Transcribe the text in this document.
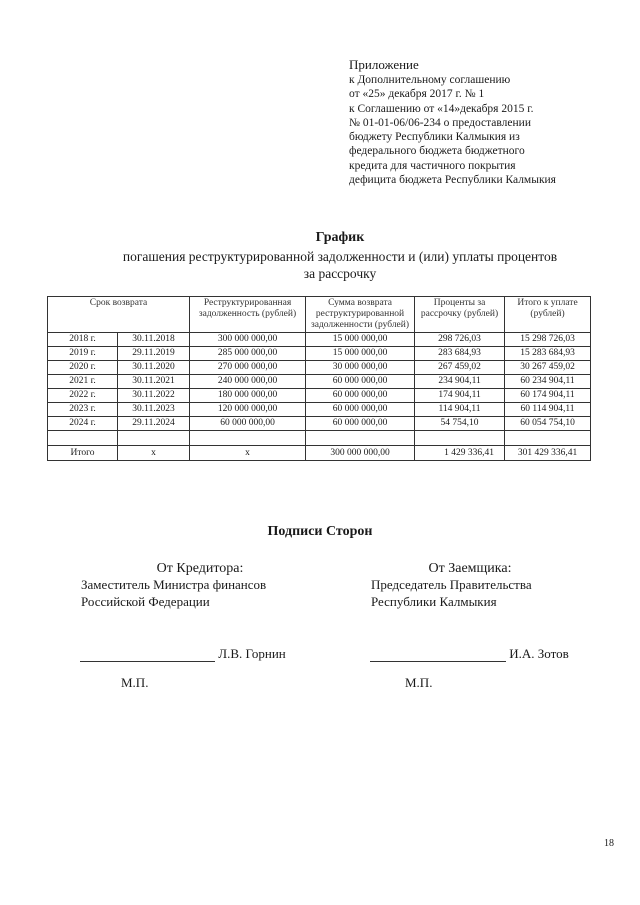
Приложение
к Дополнительному соглашению
от «25» декабря 2017 г. № 1
к Соглашению от «14»декабря 2015 г.
№ 01-01-06/06-234 о предоставлении
бюджету Республики Калмыкия из
федерального бюджета бюджетного
кредита для частичного покрытия
дефицита бюджета Республики Калмыкия
График
погашения реструктурированной задолженности и (или) уплаты процентов
за рассрочку
Срок возврата		Реструктурированная задолженность (рублей)	Сумма возврата реструктурированной задолженности (рублей)	Проценты за рассрочку (рублей)	Итого к уплате (рублей)
2018 г.	30.11.2018	300 000 000,00	15 000 000,00	298 726,03	15 298 726,03
2019 г.	29.11.2019	285 000 000,00	15 000 000,00	283 684,93	15 283 684,93
2020 г.	30.11.2020	270 000 000,00	30 000 000,00	267 459,02	30 267 459,02
2021 г.	30.11.2021	240 000 000,00	60 000 000,00	234 904,11	60 234 904,11
2022 г.	30.11.2022	180 000 000,00	60 000 000,00	174 904,11	60 174 904,11
2023 г.	30.11.2023	120 000 000,00	60 000 000,00	114 904,11	60 114 904,11
2024 г.	29.11.2024	60 000 000,00	60 000 000,00	54 754,10	60 054 754,10

Итого	x	x	300 000 000,00	1 429 336,41	301 429 336,41
Подписи Сторон
От Кредитора:
Заместитель Министра финансов
Российской Федерации
Л.В. Горнин
М.П.
От Заемщика:
Председатель Правительства
Республики Калмыкия
И.А. Зотов
М.П.
18
